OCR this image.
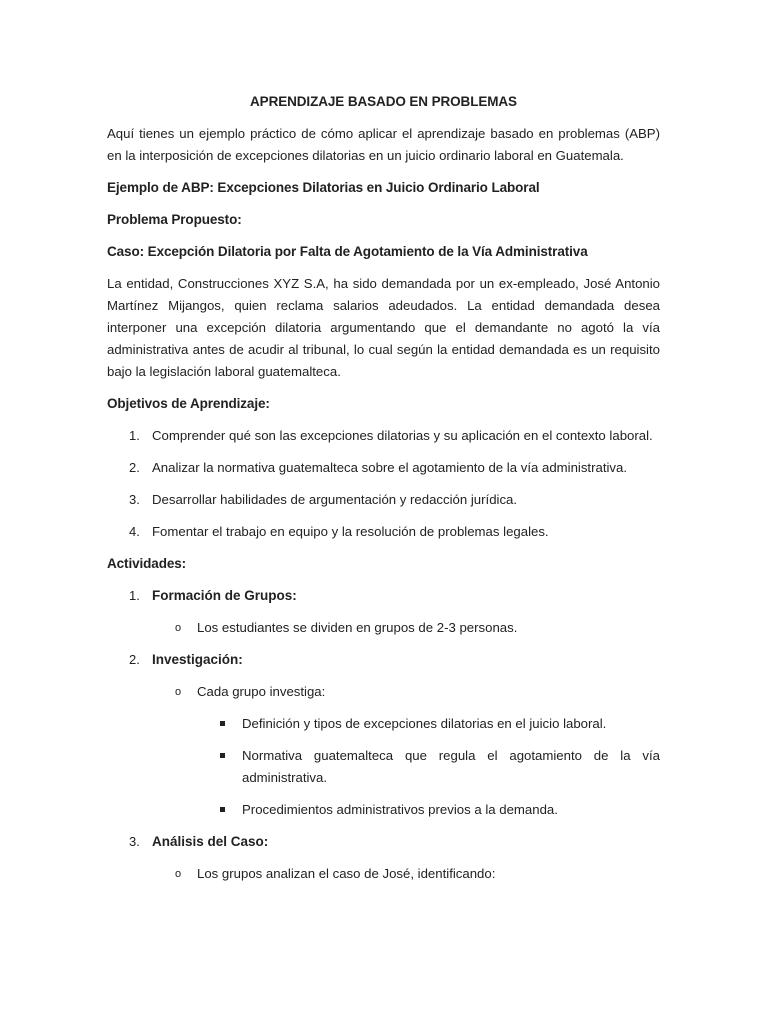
APRENDIZAJE BASADO EN PROBLEMAS

Aquí tienes un ejemplo práctico de cómo aplicar el aprendizaje basado en problemas (ABP) en la interposición de excepciones dilatorias en un juicio ordinario laboral en Guatemala.

Ejemplo de ABP: Excepciones Dilatorias en Juicio Ordinario Laboral
Problema Propuesto:
Caso: Excepción Dilatoria por Falta de Agotamiento de la Vía Administrativa

La entidad, Construcciones XYZ S.A, ha sido demandada por un ex-empleado, José Antonio Martínez Mijangos, quien reclama salarios adeudados. La entidad demandada desea interponer una excepción dilatoria argumentando que el demandante no agotó la vía administrativa antes de acudir al tribunal, lo cual según la entidad demandada es un requisito bajo la legislación laboral guatemalteca.

Objetivos de Aprendizaje:
1. Comprender qué son las excepciones dilatorias y su aplicación en el contexto laboral.
2. Analizar la normativa guatemalteca sobre el agotamiento de la vía administrativa.
3. Desarrollar habilidades de argumentación y redacción jurídica.
4. Fomentar el trabajo en equipo y la resolución de problemas legales.
Actividades:
1. Formación de Grupos:
o Los estudiantes se dividen en grupos de 2-3 personas.
2. Investigación:
o Cada grupo investiga:
Definición y tipos de excepciones dilatorias en el juicio laboral.
Normativa guatemalteca que regula el agotamiento de la vía administrativa.
Procedimientos administrativos previos a la demanda.
3. Análisis del Caso:
o Los grupos analizan el caso de José, identificando:
